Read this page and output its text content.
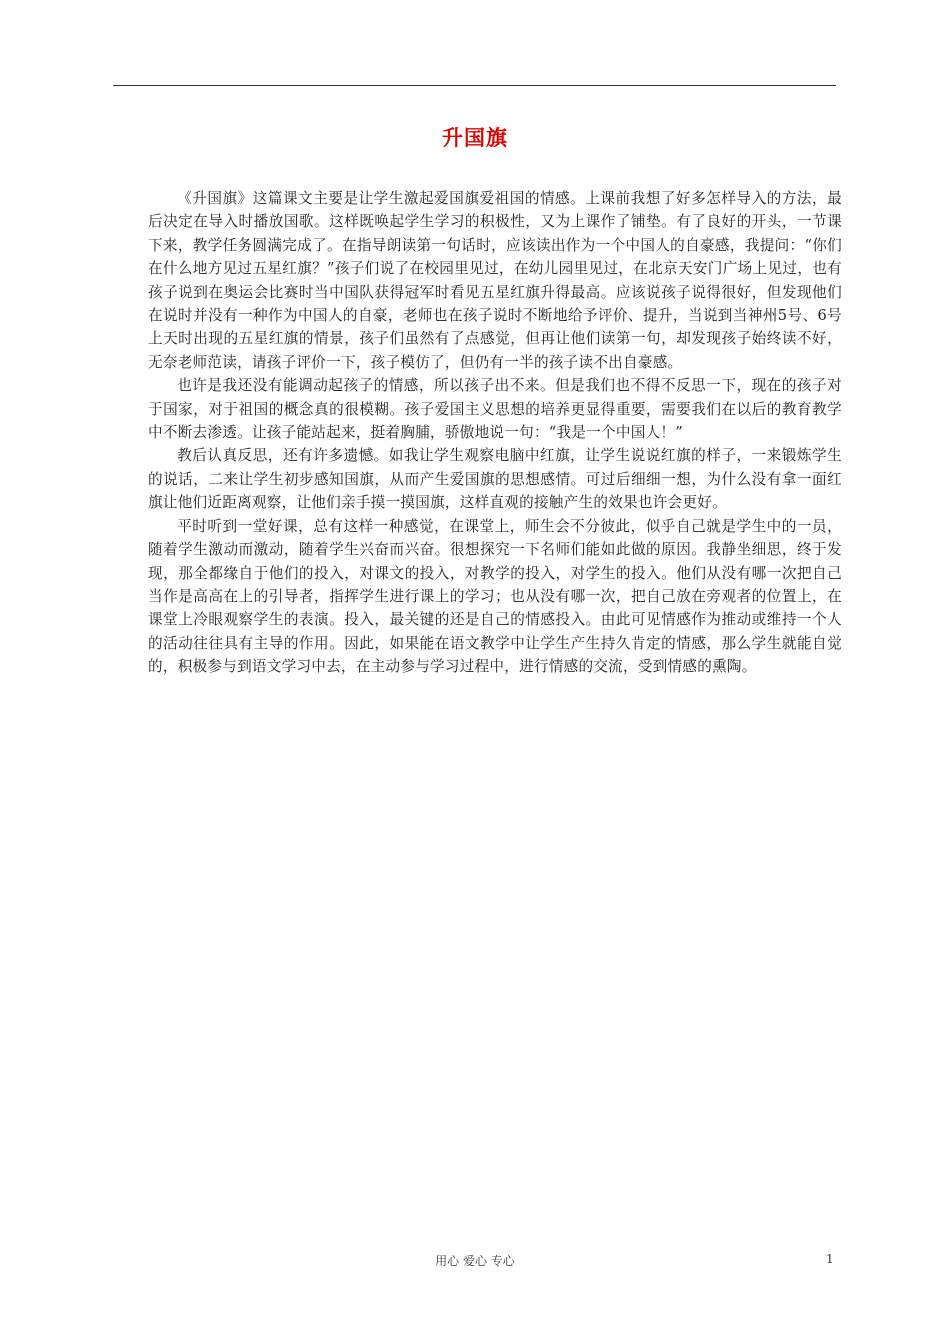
升国旗

《升国旗》这篇课文主要是让学生激起爱国旗爱祖国的情感。上课前我想了好多怎样导入的方法，最后决定在导入时播放国歌。这样既唤起学生学习的积极性，又为上课作了铺垫。有了良好的开头，一节课下来，教学任务圆满完成了。在指导朗读第一句话时，应该读出作为一个中国人的自豪感，我提问：“你们在什么地方见过五星红旗？”孩子们说了在校园里见过，在幼儿园里见过，在北京天安门广场上见过，也有孩子说到在奥运会比赛时当中国队获得冠军时看见五星红旗升得最高。应该说孩子说得很好，但发现他们在说时并没有一种作为中国人的自豪，老师也在孩子说时不断地给予评价、提升，当说到当神州5号、6号上天时出现的五星红旗的情景，孩子们虽然有了点感觉，但再让他们读第一句，却发现孩子始终读不好，无奈老师范读，请孩子评价一下，孩子模仿了，但仍有一半的孩子读不出自豪感。

也许是我还没有能调动起孩子的情感，所以孩子出不来。但是我们也不得不反思一下，现在的孩子对于国家，对于祖国的概念真的很模糊。孩子爱国主义思想的培养更显得重要，需要我们在以后的教育教学中不断去渗透。让孩子能站起来，挺着胸脯，骄傲地说一句：“我是一个中国人！”

教后认真反思，还有许多遗憾。如我让学生观察电脑中红旗，让学生说说红旗的样子，一来锻炼学生的说话，二来让学生初步感知国旗，从而产生爱国旗的思想感情。可过后细细一想，为什么没有拿一面红旗让他们近距离观察，让他们亲手摸一摸国旗，这样直观的接触产生的效果也许会更好。

平时听到一堂好课，总有这样一种感觉，在课堂上，师生会不分彼此，似乎自己就是学生中的一员，随着学生激动而激动，随着学生兴奋而兴奋。很想探究一下名师们能如此做的原因。我静坐细思，终于发现，那全都缘自于他们的投入，对课文的投入，对教学的投入，对学生的投入。他们从没有哪一次把自己当作是高高在上的引导者，指挥学生进行课上的学习；也从没有哪一次，把自己放在旁观者的位置上，在课堂上冷眼观察学生的表演。投入，最关键的还是自己的情感投入。由此可见情感作为推动或维持一个人的活动往往具有主导的作用。因此，如果能在语文教学中让学生产生持久肯定的情感，那么学生就能自觉的，积极参与到语文学习中去，在主动参与学习过程中，进行情感的交流，受到情感的熏陶。

用心 爱心 专心	1
